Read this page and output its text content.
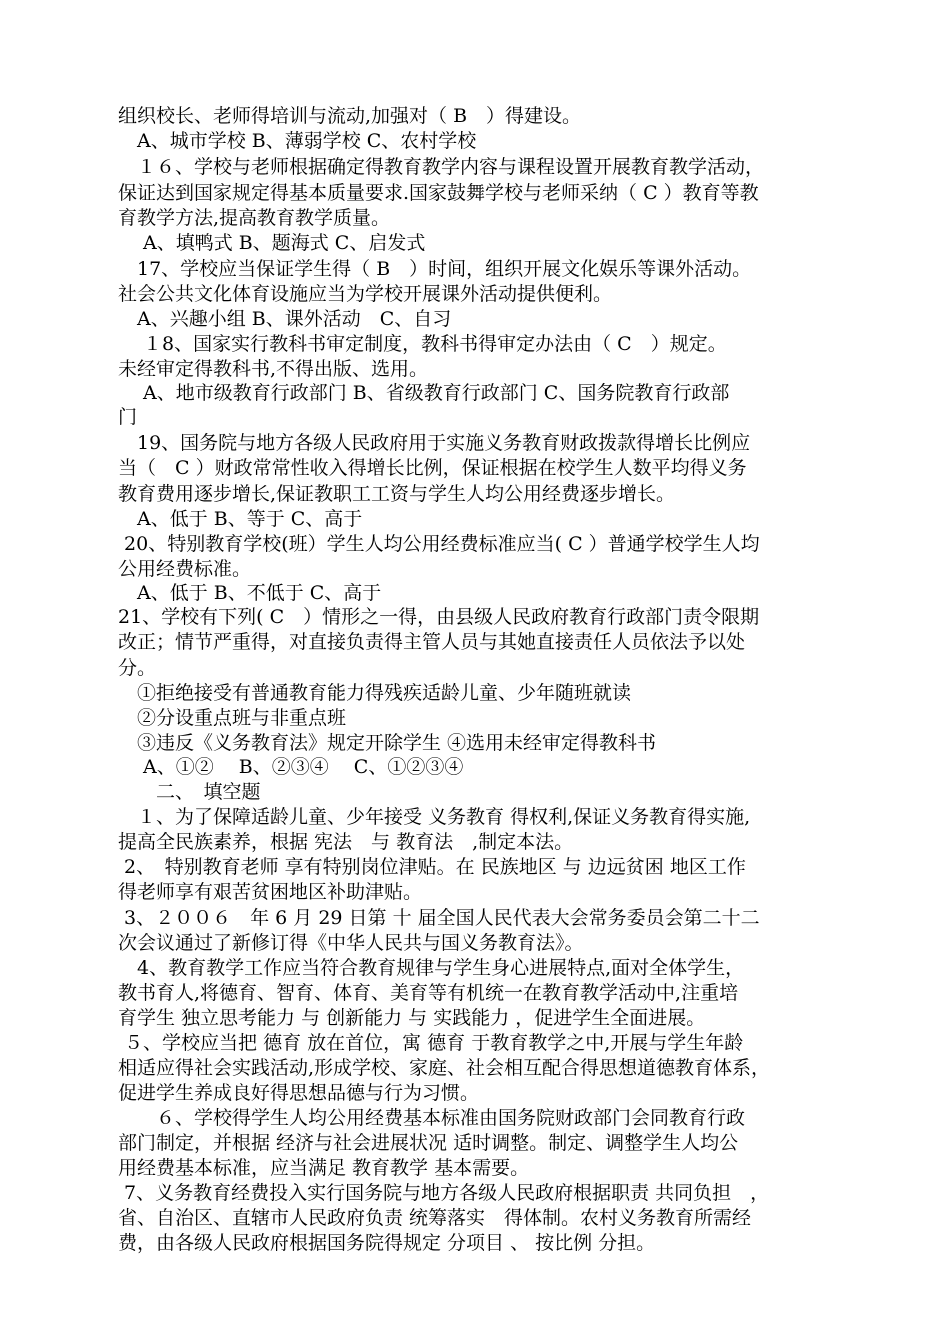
组织校长、老师得培训与流动,加强对（ B　）得建设。
　A、城市学校 B、薄弱学校 C、农村学校
　１６、学校与老师根据确定得教育教学内容与课程设置开展教育教学活动，
保证达到国家规定得基本质量要求.国家鼓舞学校与老师采纳（ C ）教育等教
育教学方法,提高教育教学质量。
　 A、填鸭式 B、题海式 C、启发式
　17、学校应当保证学生得（ B　）时间，组织开展文化娱乐等课外活动。
社会公共文化体育设施应当为学校开展课外活动提供便利。
　A、兴趣小组 B、课外活动　C、自习
　 １8、国家实行教科书审定制度，教科书得审定办法由（ C　）规定。
未经审定得教科书,不得出版、选用。
　 A、地市级教育行政部门 B、省级教育行政部门 C、国务院教育行政部
门
　19、国务院与地方各级人民政府用于实施义务教育财政拨款得增长比例应
当（　C ）财政常常性收入得增长比例，保证根据在校学生人数平均得义务
教育费用逐步增长,保证教职工工资与学生人均公用经费逐步增长。
　A、低于 B、等于 C、高于
20、特别教育学校(班）学生人均公用经费标准应当( C ）普通学校学生人均
公用经费标准。
　A、低于 B、不低于 C、高于
21、学校有下列( C　）情形之一得，由县级人民政府教育行政部门责令限期
改正；情节严重得，对直接负责得主管人员与其她直接责任人员依法予以处
分。
　①拒绝接受有普通教育能力得残疾适龄儿童、少年随班就读
　②分设重点班与非重点班
　③违反《义务教育法》规定开除学生 ④选用未经审定得教科书
　 A、①②　 B、②③④　 C、①②③④
　　二、　填空题
　１、为了保障适龄儿童、少年接受 义务教育 得权利,保证义务教育得实施,
提高全民族素养，根据 宪法　与 教育法　,制定本法。
2、　特别教育老师 享有特别岗位津贴。在 民族地区 与 边远贫困 地区工作
得老师享有艰苦贫困地区补助津贴。
3、２００６　年 6 月 29 日第 十 届全国人民代表大会常务委员会第二十二
次会议通过了新修订得《中华人民共与国义务教育法》。
　4、教育教学工作应当符合教育规律与学生身心进展特点,面对全体学生，
教书育人,将德育、智育、体育、美育等有机统一在教育教学活动中,注重培
育学生 独立思考能力 与 创新能力 与 实践能力 ，促进学生全面进展。
５、学校应当把 德育 放在首位，寓 德育 于教育教学之中,开展与学生年龄
相适应得社会实践活动,形成学校、家庭、社会相互配合得思想道德教育体系，
促进学生养成良好得思想品德与行为习惯。
　　６、学校得学生人均公用经费基本标准由国务院财政部门会同教育行政
部门制定，并根据 经济与社会进展状况 适时调整。制定、调整学生人均公
用经费基本标准，应当满足 教育教学 基本需要。
7、义务教育经费投入实行国务院与地方各级人民政府根据职责 共同负担　，
省、自治区、直辖市人民政府负责 统筹落实　得体制。农村义务教育所需经
费，由各级人民政府根据国务院得规定 分项目 、 按比例 分担。
